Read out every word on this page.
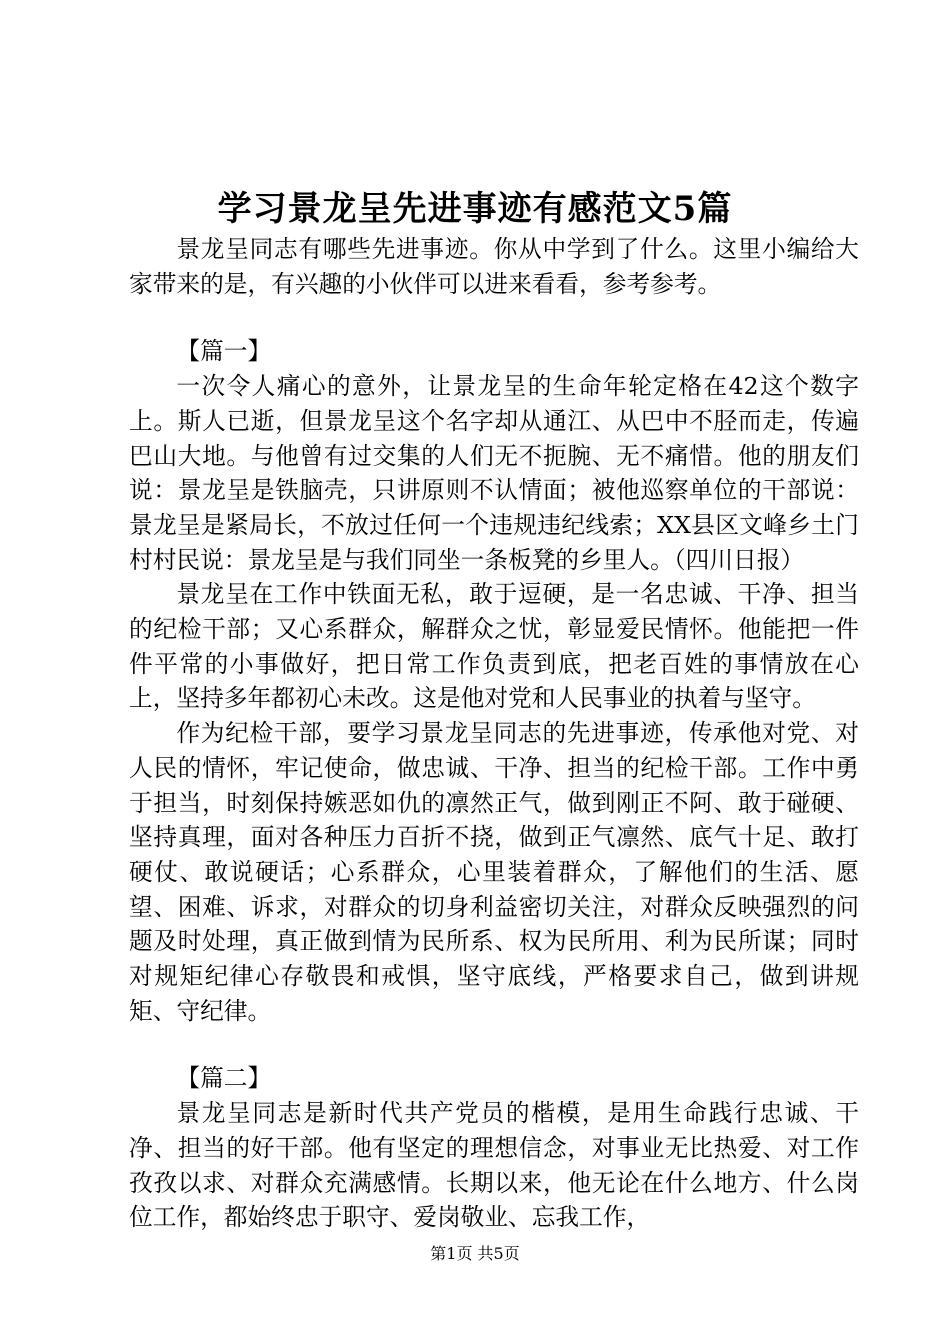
学习景龙呈先进事迹有感范文5篇

景龙呈同志有哪些先进事迹。你从中学到了什么。这里小编给大家带来的是，有兴趣的小伙伴可以进来看看，参考参考。

【篇一】

一次令人痛心的意外，让景龙呈的生命年轮定格在42这个数字上。斯人已逝，但景龙呈这个名字却从通江、从巴中不胫而走，传遍巴山大地。与他曾有过交集的人们无不扼腕、无不痛惜。他的朋友们说：景龙呈是铁脑壳，只讲原则不认情面；被他巡察单位的干部说：景龙呈是紧局长，不放过任何一个违规违纪线索；XX县区文峰乡土门村村民说：景龙呈是与我们同坐一条板凳的乡里人。（四川日报）

景龙呈在工作中铁面无私，敢于逗硬，是一名忠诚、干净、担当的纪检干部；又心系群众，解群众之忧，彰显爱民情怀。他能把一件件平常的小事做好，把日常工作负责到底，把老百姓的事情放在心上，坚持多年都初心未改。这是他对党和人民事业的执着与坚守。

作为纪检干部，要学习景龙呈同志的先进事迹，传承他对党、对人民的情怀，牢记使命，做忠诚、干净、担当的纪检干部。工作中勇于担当，时刻保持嫉恶如仇的凛然正气，做到刚正不阿、敢于碰硬、坚持真理，面对各种压力百折不挠，做到正气凛然、底气十足、敢打硬仗、敢说硬话；心系群众，心里装着群众，了解他们的生活、愿望、困难、诉求，对群众的切身利益密切关注，对群众反映强烈的问题及时处理，真正做到情为民所系、权为民所用、利为民所谋；同时对规矩纪律心存敬畏和戒惧，坚守底线，严格要求自己，做到讲规矩、守纪律。

【篇二】

景龙呈同志是新时代共产党员的楷模，是用生命践行忠诚、干净、担当的好干部。他有坚定的理想信念，对事业无比热爱、对工作孜孜以求、对群众充满感情。长期以来，他无论在什么地方、什么岗位工作，都始终忠于职守、爱岗敬业、忘我工作，

第1页 共5页
